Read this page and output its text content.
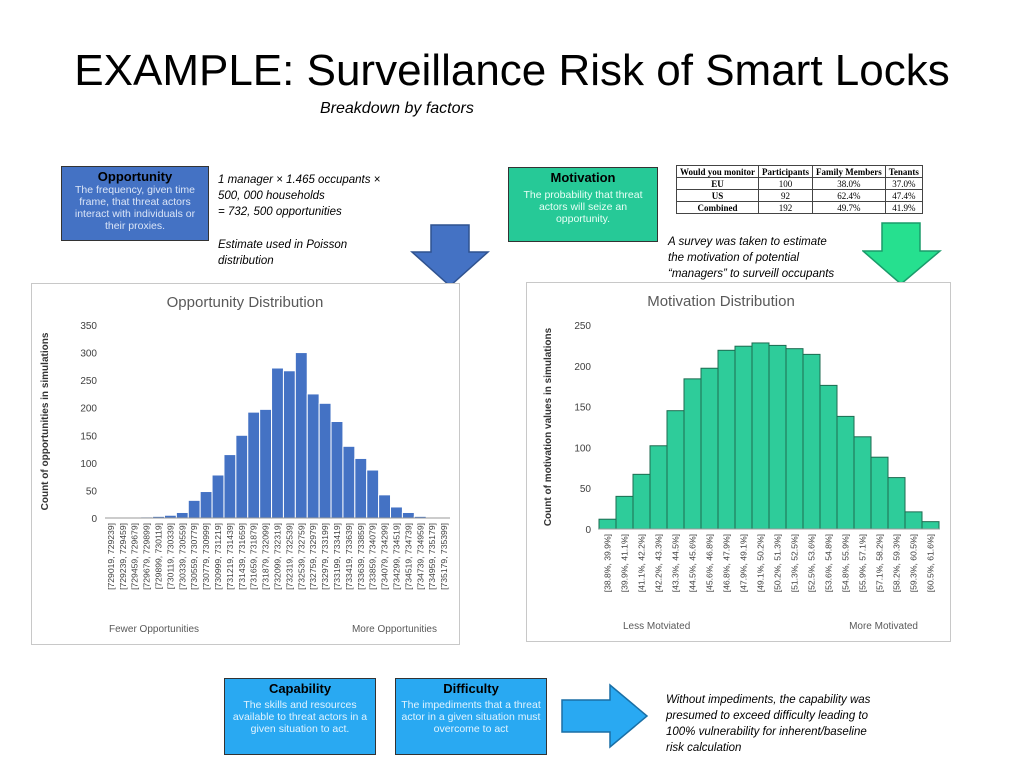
EXAMPLE: Surveillance Risk of Smart Locks
Breakdown by factors
Opportunity
The frequency, given time frame, that threat actors interact with individuals or their proxies.
1 manager × 1.465 occupants ×
500, 000 households
= 732, 500 opportunities
Estimate used in Poisson
distribution
Motivation
The probability that threat actors will seize an opportunity.
Would you monitor	Participants	Family Members	Tenants
EU	100	38.0%	37.0%
US	92	62.4%	47.4%
Combined	192	49.7%	41.9%
A survey was taken to estimate
the motivation of potential
“managers” to surveill occupants
Opportunity Distribution
0
50
100
150
200
250
300
350
Count of opportunities in simulations
[729019, 729239] [729239, 729459] [729459, 729679] [729679, 729899] [729899, 730119] [730119, 730339] [730339, 730559] [730559, 730779] [730779, 730999] [730999, 731219] [731219, 731439] [731439, 731659] [731659, 731879] [731879, 732099] [732099, 732319] [732319, 732539] [732539, 732759] [732759, 732979] [732979, 733199] [733199, 733419] [733419, 733639] [733639, 733859] [733859, 734079] [734079, 734299] [734299, 734519] [734519, 734739] [734739, 734959] [734959, 735179] [735179, 735399]
Fewer Opportunities	More Opportunities
Motivation Distribution
0
50
100
150
200
250
Count of motivation values in simulations
[38.8%, 39.9%] [39.9%, 41.1%] [41.1%, 42.2%] [42.2%, 43.3%] [43.3%, 44.5%] [44.5%, 45.6%] [45.6%, 46.8%] [46.8%, 47.9%] [47.9%, 49.1%] [49.1%, 50.2%] [50.2%, 51.3%] [51.3%, 52.5%] [52.5%, 53.6%] [53.6%, 54.8%] [54.8%, 55.9%] [55.9%, 57.1%] [57.1%, 58.2%] [58.2%, 59.3%] [59.3%, 60.5%] [60.5%, 61.6%]
Less Motviated	More Motivated
Capability
The skills and resources available to threat actors in a given situation to act.
Difficulty
The impediments that a threat actor in a given situation must overcome to act
Without impediments, the capability was
presumed to exceed difficulty leading to
100% vulnerability for inherent/baseline
risk calculation
